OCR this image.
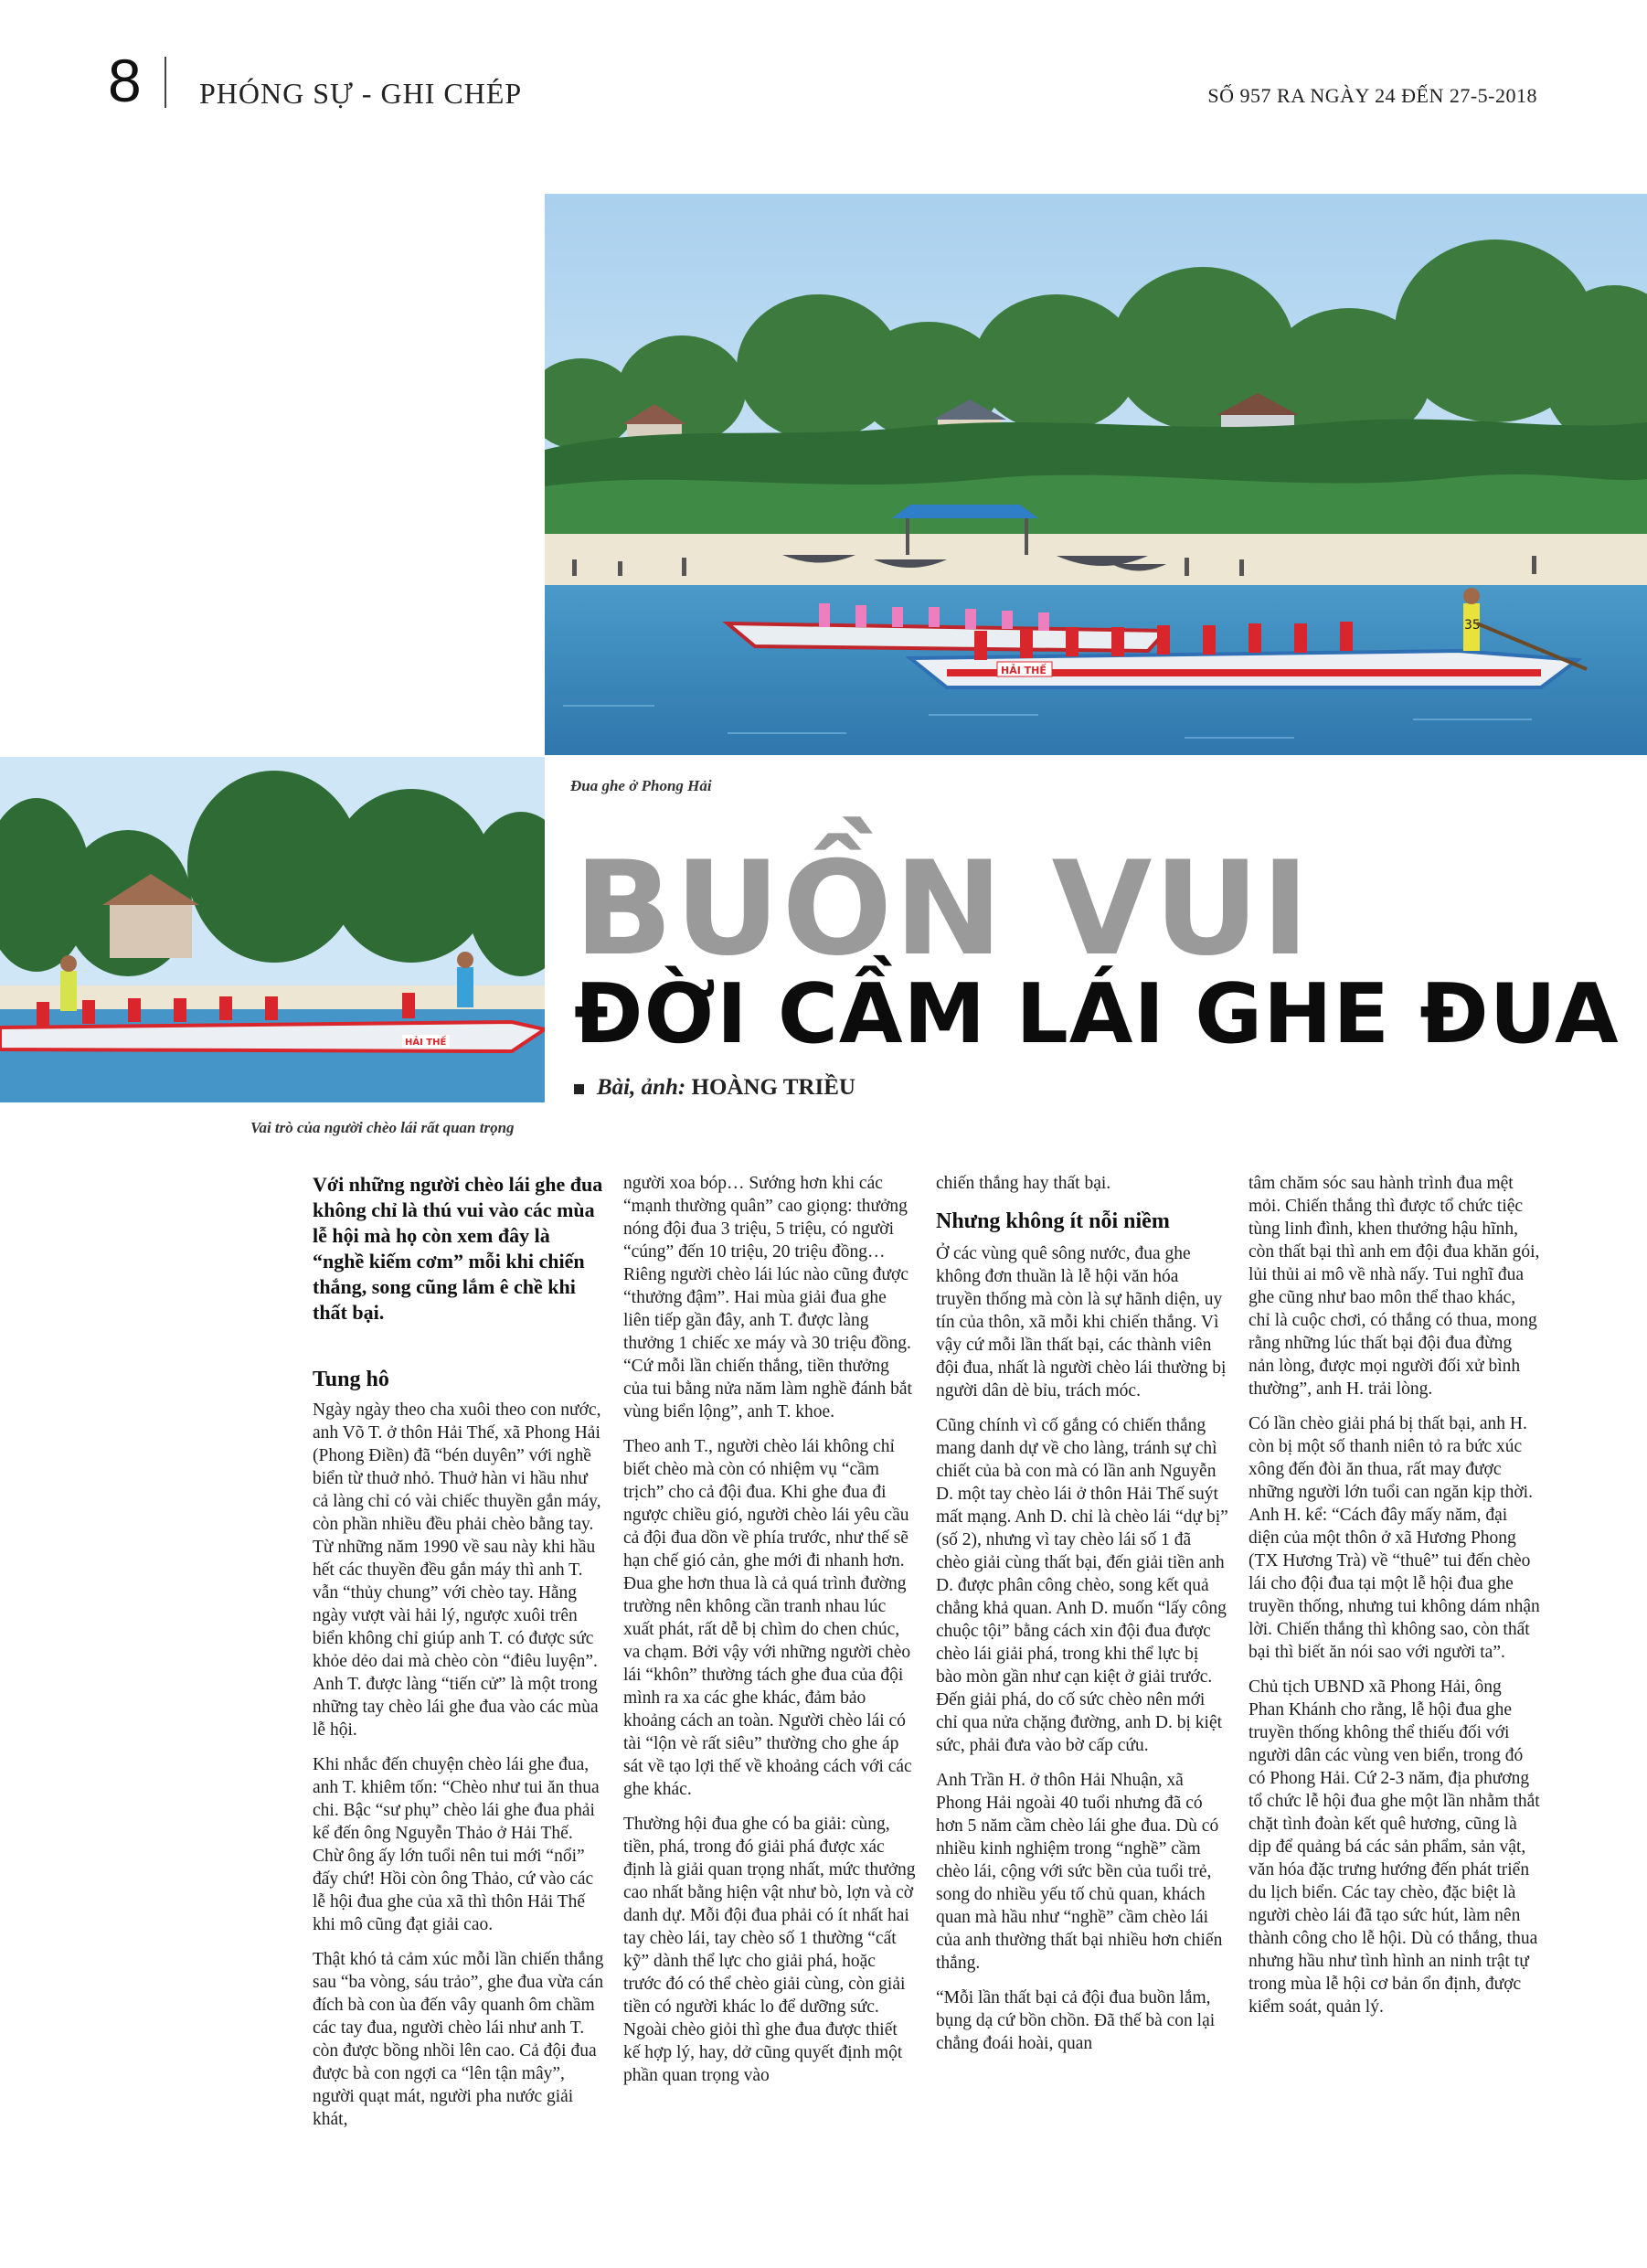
8 PHÓNG SỰ - GHI CHÉP	SỐ 957 RA NGÀY 24 ĐẾN 27-5-2018
35
HẢI THẾ
Đua ghe ở Phong Hải
HẢI THẾ
Vai trò của người chèo lái rất quan trọng
BUỒN VUI
ĐỜI CẦM LÁI GHE ĐUA
Bài, ảnh: HOÀNG TRIỀU

Với những người chèo lái ghe đua không chỉ là thú vui vào các mùa lễ hội mà họ còn xem đây là “nghề kiếm cơm” mỗi khi chiến thắng, song cũng lắm ê chề khi thất bại.

Tung hô

Ngày ngày theo cha xuôi theo con nước, anh Võ T. ở thôn Hải Thế, xã Phong Hải (Phong Điền) đã “bén duyên” với nghề biển từ thuở nhỏ. Thuở hàn vi hầu như cả làng chỉ có vài chiếc thuyền gắn máy, còn phần nhiều đều phải chèo bằng tay. Từ những năm 1990 về sau này khi hầu hết các thuyền đều gắn máy thì anh T. vẫn “thủy chung” với chèo tay. Hằng ngày vượt vài hải lý, ngược xuôi trên biển không chỉ giúp anh T. có được sức khỏe dẻo dai mà chèo còn “điêu luyện”. Anh T. được làng “tiến cử” là một trong những tay chèo lái ghe đua vào các mùa lễ hội.

Khi nhắc đến chuyện chèo lái ghe đua, anh T. khiêm tốn: “Chèo như tui ăn thua chi. Bậc “sư phụ” chèo lái ghe đua phải kể đến ông Nguyễn Thảo ở Hải Thế. Chừ ông ấy lớn tuổi nên tui mới “nổi” đấy chứ! Hồi còn ông Thảo, cứ vào các lễ hội đua ghe của xã thì thôn Hải Thế khi mô cũng đạt giải cao.

Thật khó tả cảm xúc mỗi lần chiến thắng sau “ba vòng, sáu trảo”, ghe đua vừa cán đích bà con ùa đến vây quanh ôm chầm các tay đua, người chèo lái như anh T. còn được bồng nhồi lên cao. Cả đội đua được bà con ngợi ca “lên tận mây”, người quạt mát, người pha nước giải khát,

người xoa bóp… Sướng hơn khi các “mạnh thường quân” cao giọng: thưởng nóng đội đua 3 triệu, 5 triệu, có người “cúng” đến 10 triệu, 20 triệu đồng… Riêng người chèo lái lúc nào cũng được “thưởng đậm”. Hai mùa giải đua ghe liên tiếp gần đây, anh T. được làng thưởng 1 chiếc xe máy và 30 triệu đồng. “Cứ mỗi lần chiến thắng, tiền thưởng của tui bằng nửa năm làm nghề đánh bắt vùng biển lộng”, anh T. khoe.

Theo anh T., người chèo lái không chỉ biết chèo mà còn có nhiệm vụ “cầm trịch” cho cả đội đua. Khi ghe đua đi ngược chiều gió, người chèo lái yêu cầu cả đội đua dồn về phía trước, như thế sẽ hạn chế gió cản, ghe mới đi nhanh hơn. Đua ghe hơn thua là cả quá trình đường trường nên không cần tranh nhau lúc xuất phát, rất dễ bị chìm do chen chúc, va chạm. Bởi vậy với những người chèo lái “khôn” thường tách ghe đua của đội mình ra xa các ghe khác, đảm bảo khoảng cách an toàn. Người chèo lái có tài “lộn vè rất siêu” thường cho ghe áp sát về tạo lợi thế về khoảng cách với các ghe khác.

Thường hội đua ghe có ba giải: cùng, tiền, phá, trong đó giải phá được xác định là giải quan trọng nhất, mức thưởng cao nhất bằng hiện vật như bò, lợn và cờ danh dự. Mỗi đội đua phải có ít nhất hai tay chèo lái, tay chèo số 1 thường “cất kỹ” dành thể lực cho giải phá, hoặc trước đó có thể chèo giải cùng, còn giải tiền có người khác lo để dưỡng sức. Ngoài chèo giỏi thì ghe đua được thiết kế hợp lý, hay, dở cũng quyết định một phần quan trọng vào

chiến thắng hay thất bại.

Nhưng không ít nỗi niềm

Ở các vùng quê sông nước, đua ghe không đơn thuần là lễ hội văn hóa truyền thống mà còn là sự hãnh diện, uy tín của thôn, xã mỗi khi chiến thắng. Vì vậy cứ mỗi lần thất bại, các thành viên đội đua, nhất là người chèo lái thường bị người dân dè bỉu, trách móc.

Cũng chính vì cố gắng có chiến thắng mang danh dự về cho làng, tránh sự chì chiết của bà con mà có lần anh Nguyễn D. một tay chèo lái ở thôn Hải Thế suýt mất mạng. Anh D. chỉ là chèo lái “dự bị” (số 2), nhưng vì tay chèo lái số 1 đã chèo giải cùng thất bại, đến giải tiền anh D. được phân công chèo, song kết quả chẳng khả quan. Anh D. muốn “lấy công chuộc tội” bằng cách xin đội đua được chèo lái giải phá, trong khi thể lực bị bào mòn gần như cạn kiệt ở giải trước. Đến giải phá, do cố sức chèo nên mới chỉ qua nửa chặng đường, anh D. bị kiệt sức, phải đưa vào bờ cấp cứu.

Anh Trần H. ở thôn Hải Nhuận, xã Phong Hải ngoài 40 tuổi nhưng đã có hơn 5 năm cầm chèo lái ghe đua. Dù có nhiều kinh nghiệm trong “nghề” cầm chèo lái, cộng với sức bền của tuổi trẻ, song do nhiều yếu tố chủ quan, khách quan mà hầu như “nghề” cầm chèo lái của anh thường thất bại nhiều hơn chiến thắng.

“Mỗi lần thất bại cả đội đua buồn lắm, bụng dạ cứ bồn chồn. Đã thế bà con lại chẳng đoái hoài, quan

tâm chăm sóc sau hành trình đua mệt mỏi. Chiến thắng thì được tổ chức tiệc tùng linh đình, khen thưởng hậu hĩnh, còn thất bại thì anh em đội đua khăn gói, lủi thủi ai mô về nhà nấy. Tui nghĩ đua ghe cũng như bao môn thể thao khác, chỉ là cuộc chơi, có thắng có thua, mong rằng những lúc thất bại đội đua đừng nản lòng, được mọi người đối xử bình thường”, anh H. trải lòng.

Có lần chèo giải phá bị thất bại, anh H. còn bị một số thanh niên tỏ ra bức xúc xông đến đòi ăn thua, rất may được những người lớn tuổi can ngăn kịp thời. Anh H. kể: “Cách đây mấy năm, đại diện của một thôn ở xã Hương Phong (TX Hương Trà) về “thuê” tui đến chèo lái cho đội đua tại một lễ hội đua ghe truyền thống, nhưng tui không dám nhận lời. Chiến thắng thì không sao, còn thất bại thì biết ăn nói sao với người ta”.

Chủ tịch UBND xã Phong Hải, ông Phan Khánh cho rằng, lễ hội đua ghe truyền thống không thể thiếu đối với người dân các vùng ven biển, trong đó có Phong Hải. Cứ 2-3 năm, địa phương tổ chức lễ hội đua ghe một lần nhằm thắt chặt tình đoàn kết quê hương, cũng là dịp để quảng bá các sản phẩm, sản vật, văn hóa đặc trưng hướng đến phát triển du lịch biển. Các tay chèo, đặc biệt là người chèo lái đã tạo sức hút, làm nên thành công cho lễ hội. Dù có thắng, thua nhưng hầu như tình hình an ninh trật tự trong mùa lễ hội cơ bản ổn định, được kiểm soát, quản lý.
